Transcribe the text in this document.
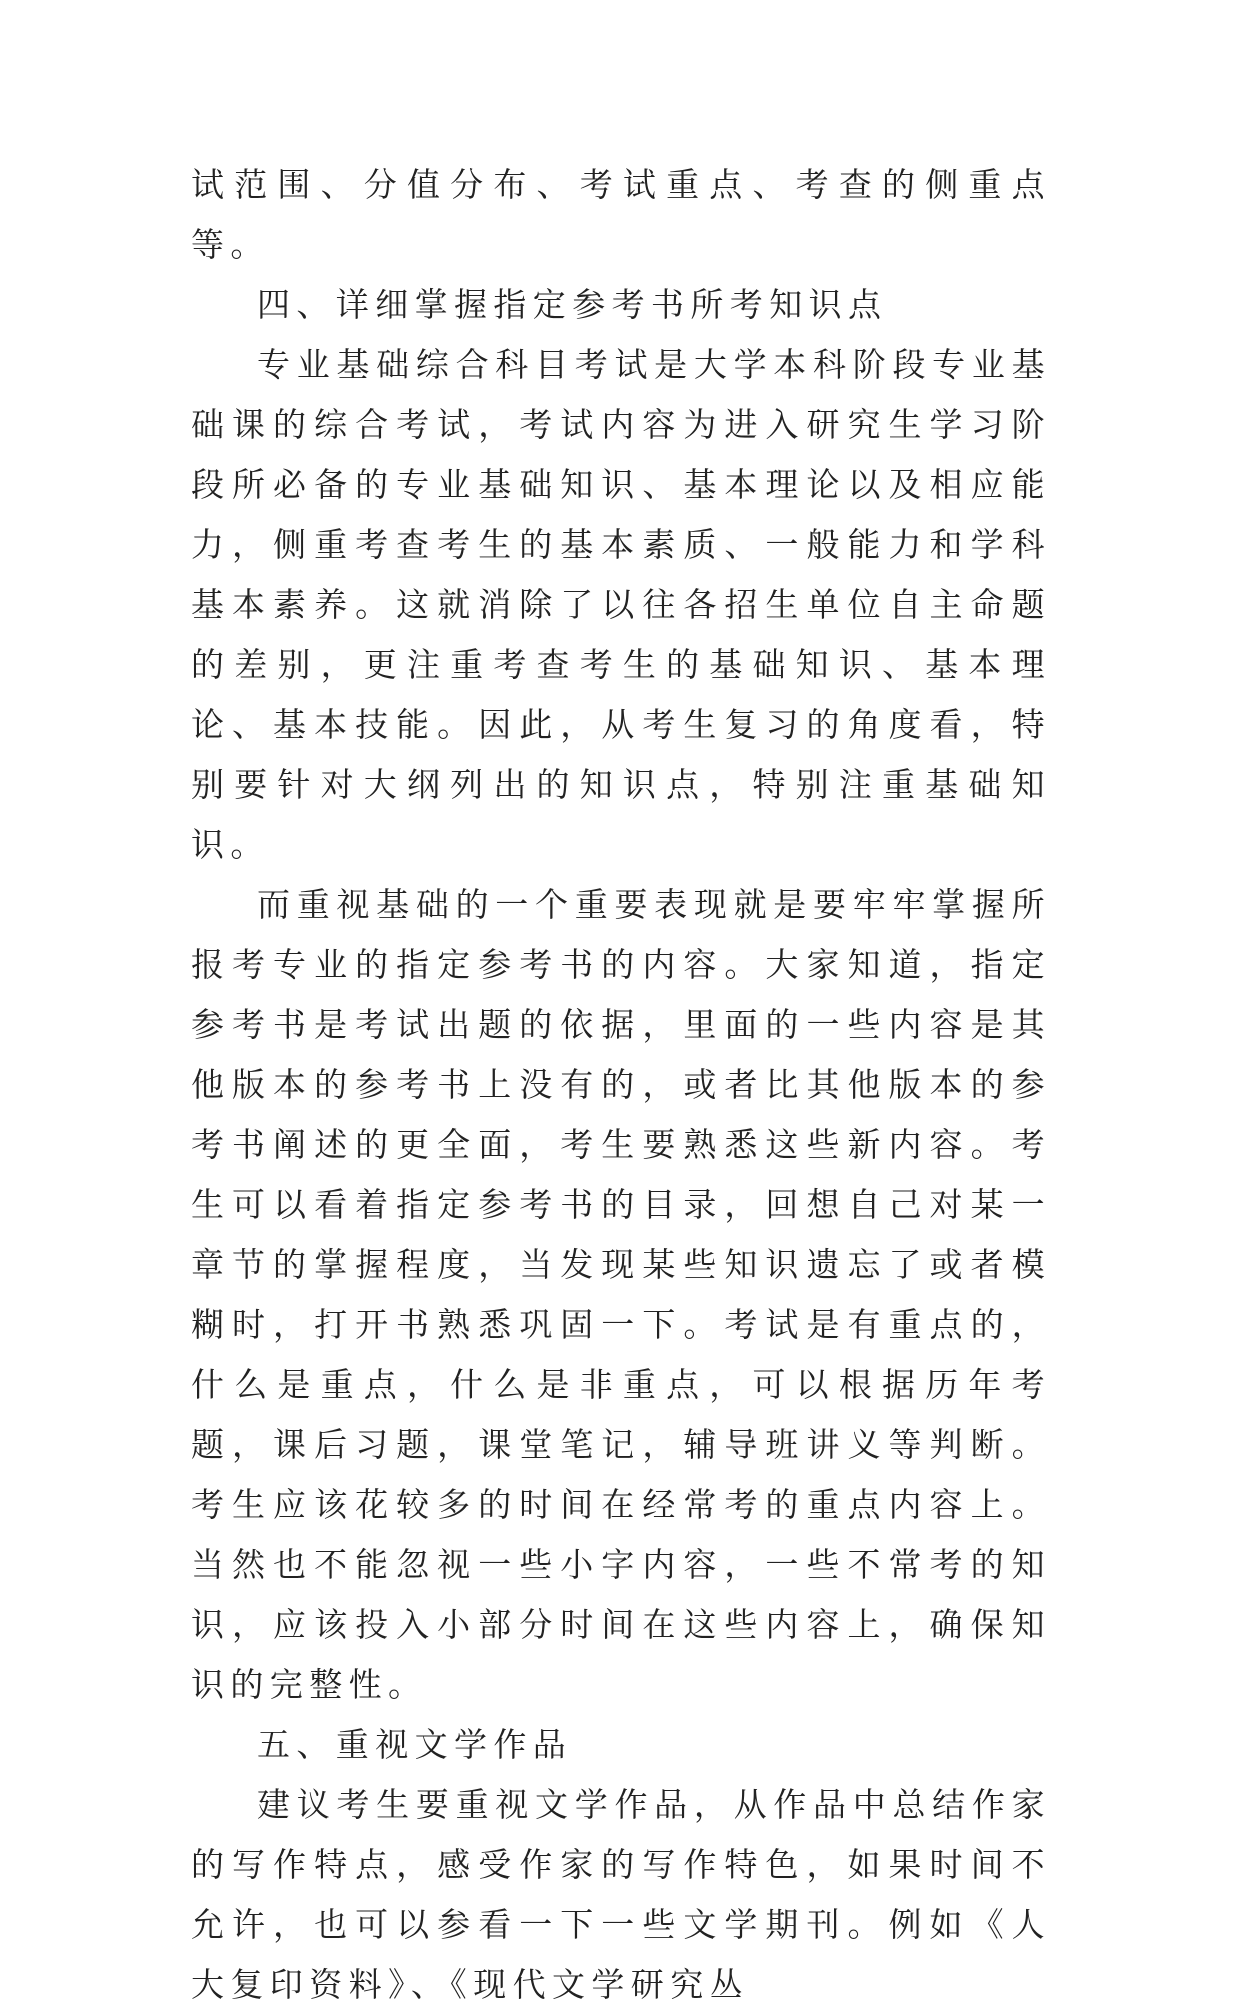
试范围、分值分布、考试重点、考查的侧重点等。

四、详细掌握指定参考书所考知识点

专业基础综合科目考试是大学本科阶段专业基础课的综合考试，考试内容为进入研究生学习阶段所必备的专业基础知识、基本理论以及相应能力，侧重考查考生的基本素质、一般能力和学科基本素养。这就消除了以往各招生单位自主命题的差别，更注重考查考生的基础知识、基本理论、基本技能。因此，从考生复习的角度看，特别要针对大纲列出的知识点，特别注重基础知识。

而重视基础的一个重要表现就是要牢牢掌握所报考专业的指定参考书的内容。大家知道，指定参考书是考试出题的依据，里面的一些内容是其他版本的参考书上没有的，或者比其他版本的参考书阐述的更全面，考生要熟悉这些新内容。考生可以看着指定参考书的目录，回想自己对某一章节的掌握程度，当发现某些知识遗忘了或者模糊时，打开书熟悉巩固一下。考试是有重点的，什么是重点，什么是非重点，可以根据历年考题，课后习题，课堂笔记，辅导班讲义等判断。考生应该花较多的时间在经常考的重点内容上。当然也不能忽视一些小字内容，一些不常考的知识，应该投入小部分时间在这些内容上，确保知识的完整性。

五、重视文学作品

建议考生要重视文学作品，从作品中总结作家的写作特点，感受作家的写作特色，如果时间不允许，也可以参看一下一些文学期刊。例如《人大复印资料》、《现代文学研究丛
